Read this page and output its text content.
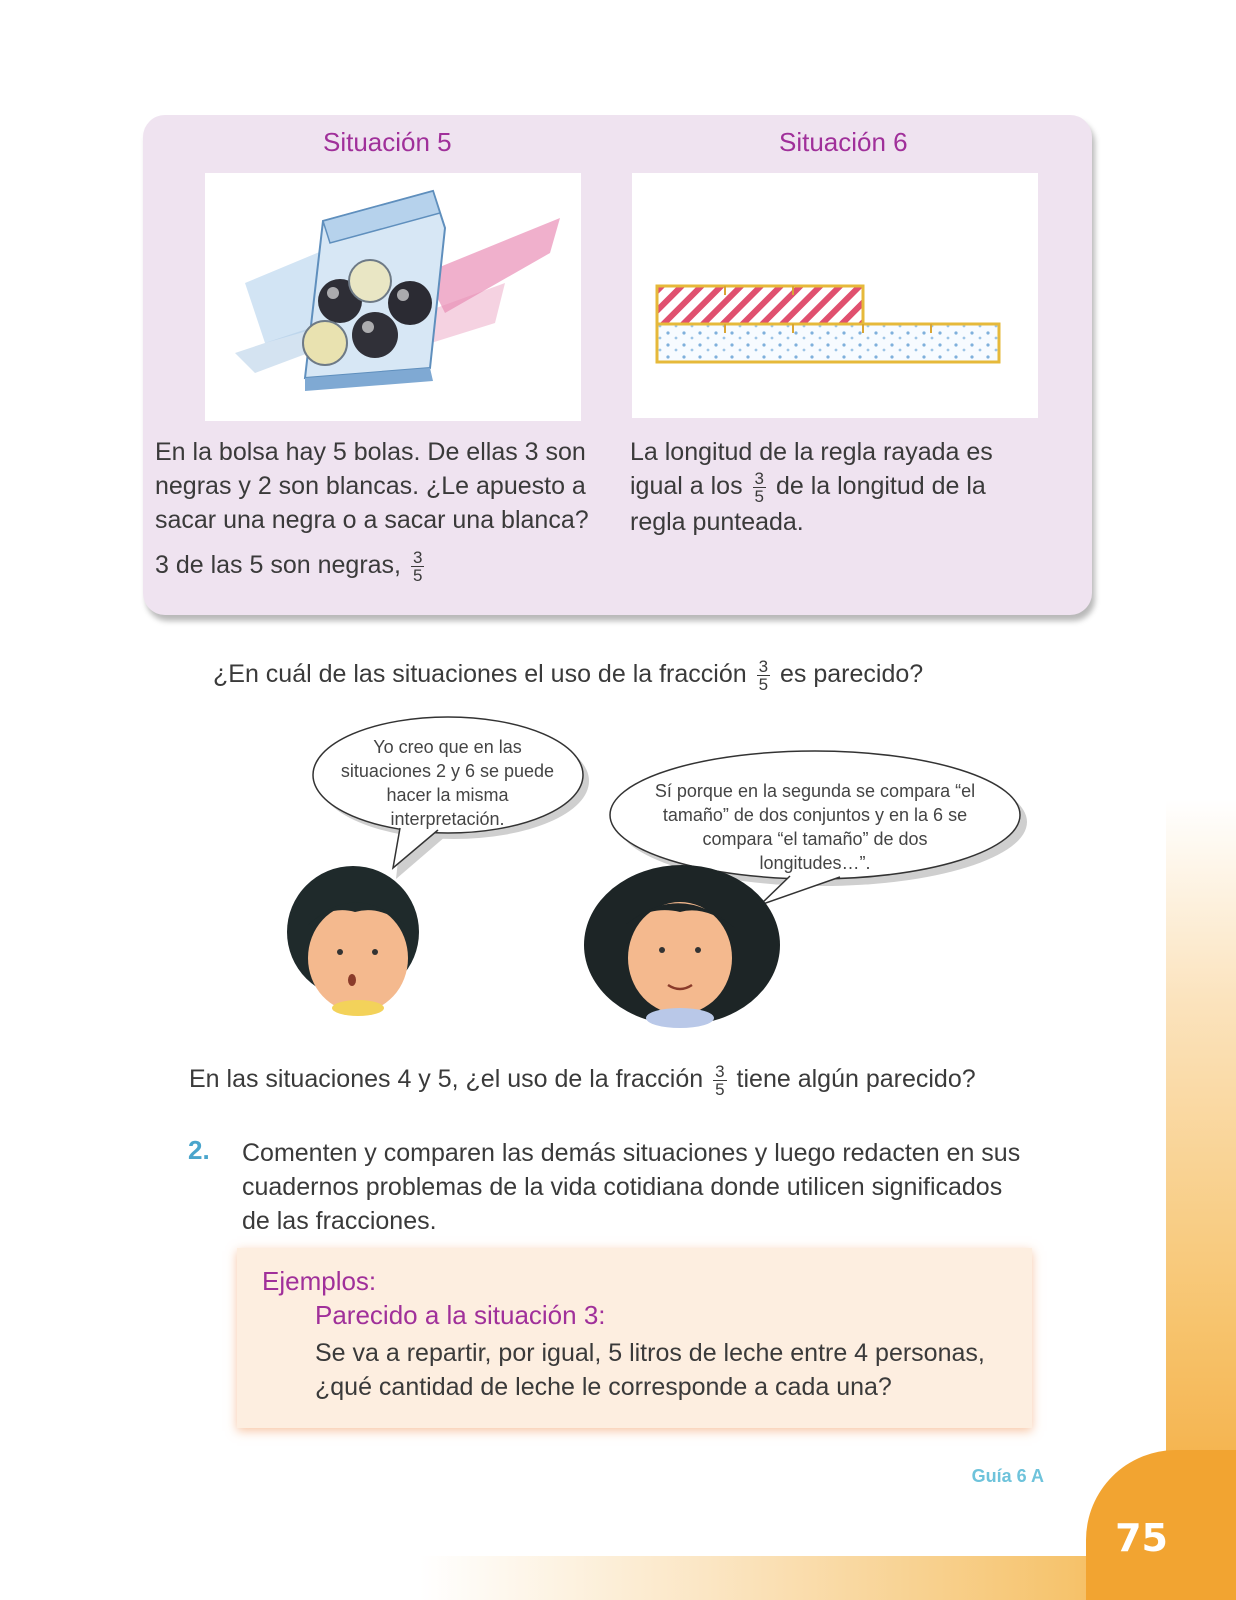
75
Guía 6 A
Situación 5	Situación 6
En la bolsa hay 5 bolas. De ellas 3 son negras y 2 son blancas. ¿Le apuesto a sacar una negra o a sacar una blanca?
3 de las 5 son negras, $\frac{3}{5}$
La longitud de la regla rayada es igual a los $\frac{3}{5}$ de la longitud de la regla punteada.
¿En cuál de las situaciones el uso de la fracción $\frac{3}{5}$ es parecido?
Yo creo que en las situaciones 2 y 6 se puede hacer la misma interpretación.
Sí porque en la segunda se compara “el tamaño” de dos conjuntos y en la 6 se compara “el tamaño” de dos longitudes…”.
En las situaciones 4 y 5, ¿el uso de la fracción $\frac{3}{5}$ tiene algún parecido?
2. Comenten y comparen las demás situaciones y luego redacten en sus cuadernos problemas de la vida cotidiana donde utilicen significados de las fracciones.
Ejemplos:
Parecido a la situación 3:
Se va a repartir, por igual, 5 litros de leche entre 4 personas, ¿qué cantidad de leche le corresponde a cada una?
